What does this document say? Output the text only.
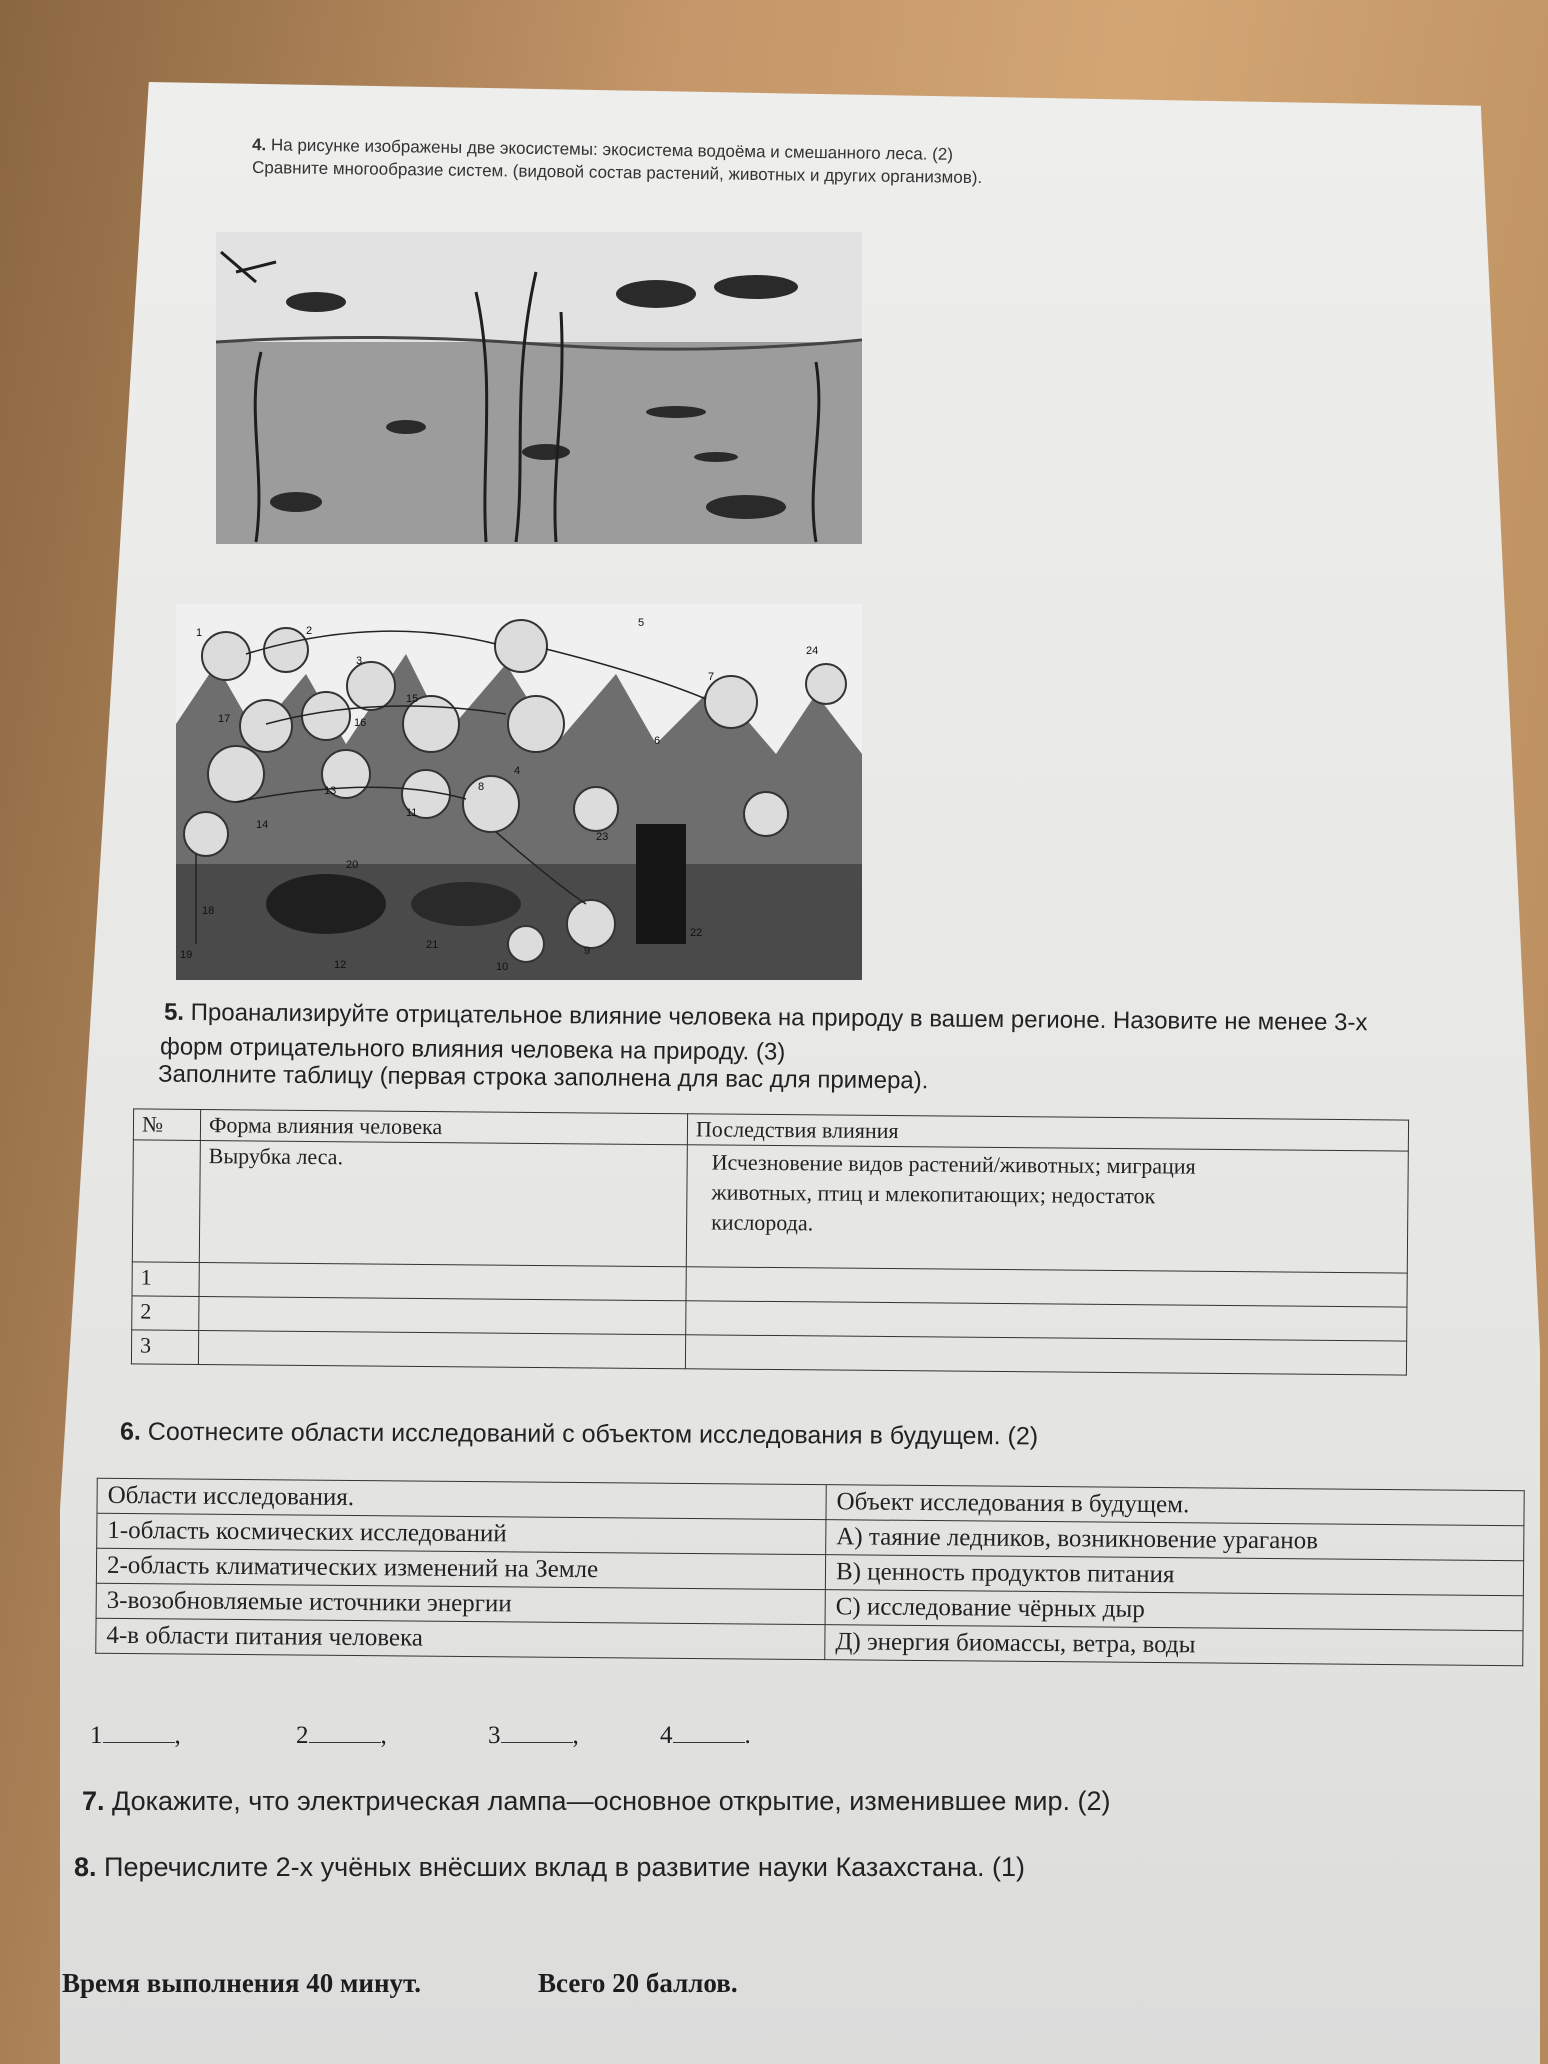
4. На рисунке изображены две экосистемы: экосистема водоёма и смешанного леса. (2)
Сравните многообразие систем. (видовой состав растений, животных и других организмов).
1	2
3
4
5
6
7
8
9
10
11
12
13
14
15
16
17
18
19
20
21
22
23
24
5. Проанализируйте отрицательное влияние человека на природу в вашем регионе. Назовите не менее 3-х
форм отрицательного влияния человека на природу. (3)
Заполните таблицу (первая строка заполнена для вас для примера).
№	Форма влияния человека	Последствия влияния
	Вырубка леса.	Исчезновение видов растений/животных; миграция
животных, птиц и млекопитающих; недостаток
кислорода.

1		
2		
3		
6. Соотнесите области исследований с объектом исследования в будущем. (2)
Области исследования.	Объект исследования в будущем.
1-область космических исследований	А) таяние ледников, возникновение ураганов
2-область климатических изменений на Земле	В) ценность продуктов питания
3-возобновляемые источники энергии	С) исследование чёрных дыр
4-в области питания человека	Д) энергия биомассы, ветра, воды
1	,	2	,	3	,	4	.
7. Докажите, что электрическая лампа—основное открытие, изменившее мир. (2)
8. Перечислите 2-х учёных внёсших вклад в развитие науки Казахстана. (1)
Время выполнения 40 минут.	Всего 20 баллов.
